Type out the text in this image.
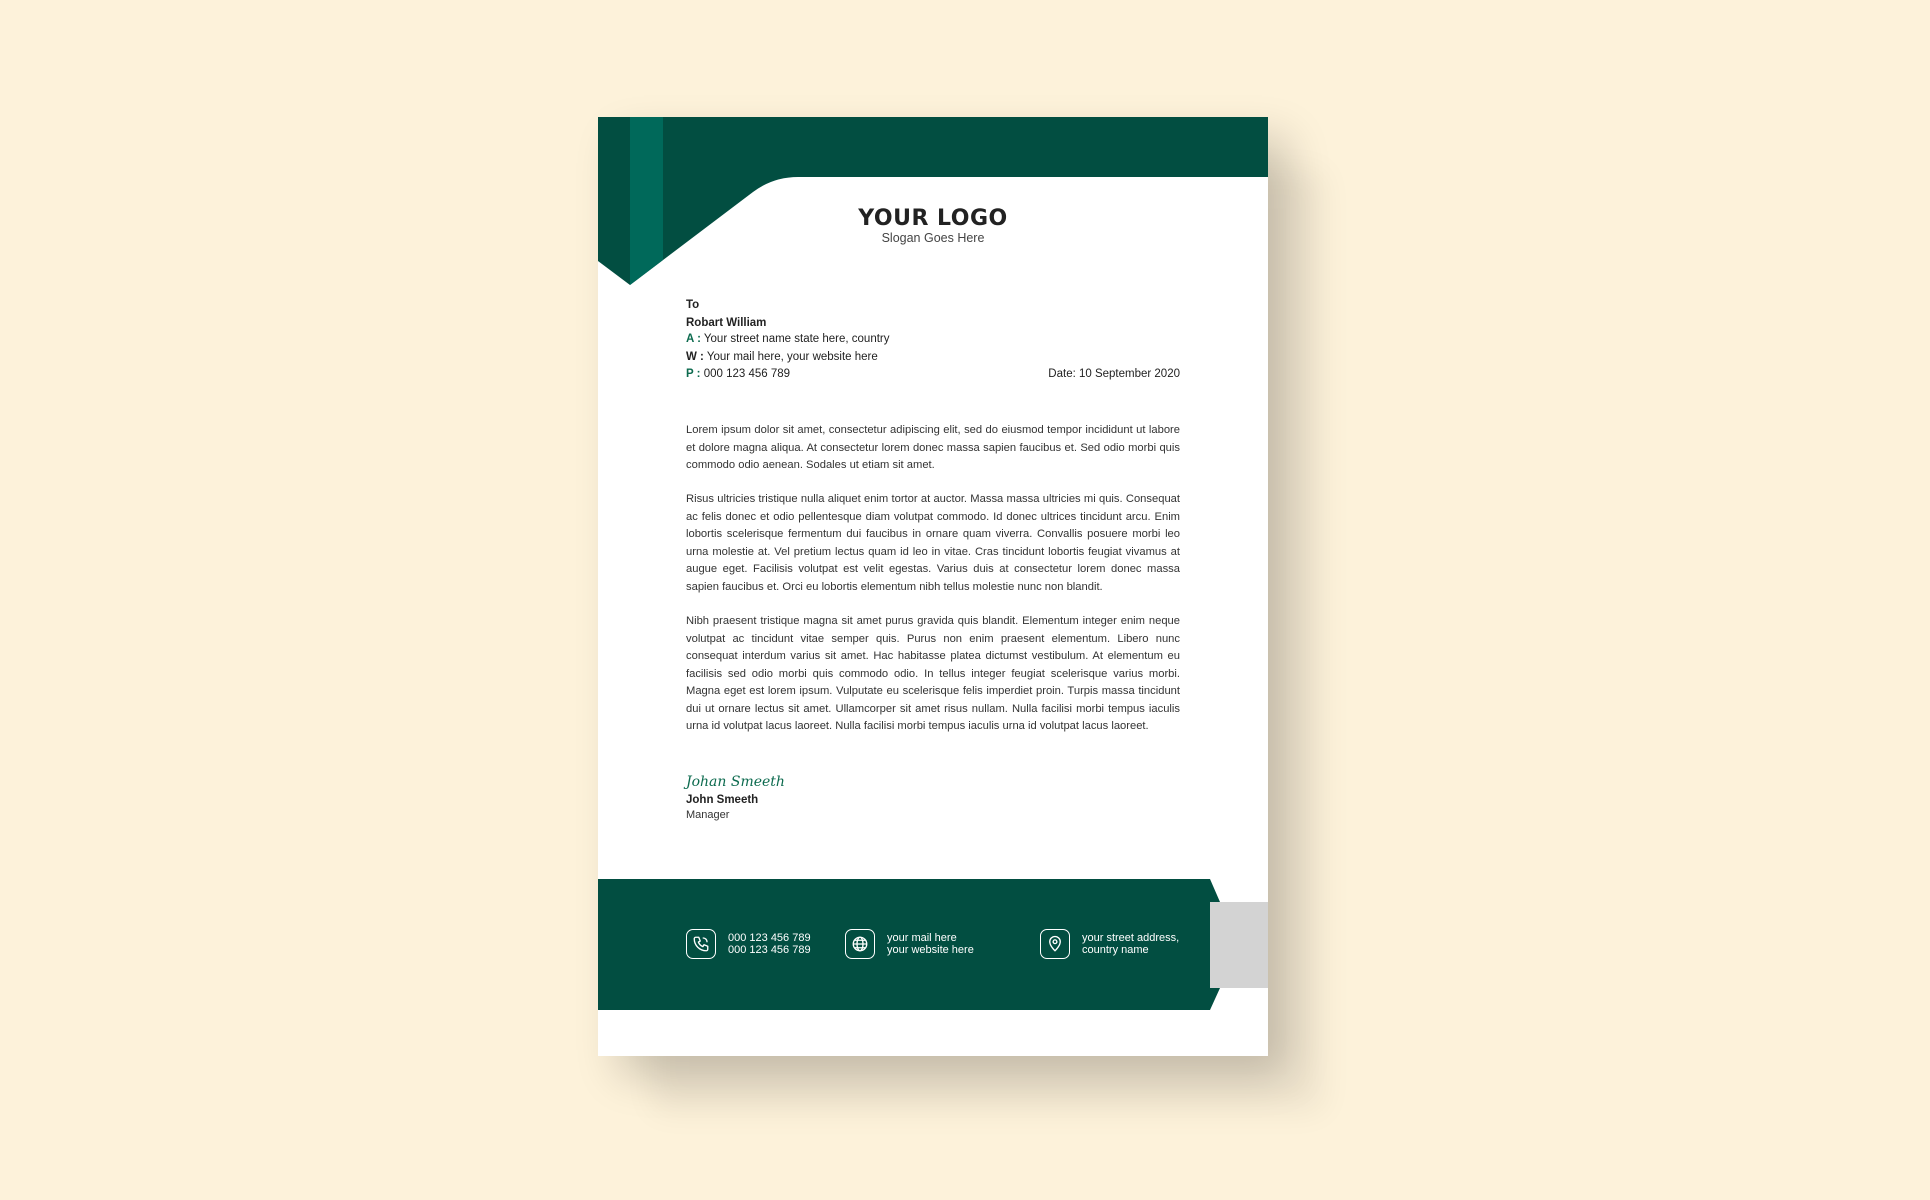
YOUR LOGO
Slogan Goes Here
To
Robart William
A : Your street name state here, country
W : Your mail here, your website here
P : 000 123 456 789	Date: 10 September 2020
Lorem ipsum dolor sit amet, consectetur adipiscing elit, sed do eiusmod tempor incididunt ut labore et dolore magna aliqua. At consectetur lorem donec massa sapien faucibus et. Sed odio morbi quis commodo odio aenean. Sodales ut etiam sit amet.
Risus ultricies tristique nulla aliquet enim tortor at auctor. Massa massa ultricies mi quis. Consequat ac felis donec et odio pellentesque diam volutpat commodo. Id donec ultrices tincidunt arcu. Enim lobortis scelerisque fermentum dui faucibus in ornare quam viverra. Convallis posuere morbi leo urna molestie at. Vel pretium lectus quam id leo in vitae. Cras tincidunt lobortis feugiat vivamus at augue eget. Facilisis volutpat est velit egestas. Varius duis at consectetur lorem donec massa sapien faucibus et. Orci eu lobortis elementum nibh tellus molestie nunc non blandit.
Nibh praesent tristique magna sit amet purus gravida quis blandit. Elementum integer enim neque volutpat ac tincidunt vitae semper quis. Purus non enim praesent elementum. Libero nunc consequat interdum varius sit amet. Hac habitasse platea dictumst vestibulum. At elementum eu facilisis sed odio morbi quis commodo odio. In tellus integer feugiat scelerisque varius morbi. Magna eget est lorem ipsum. Vulputate eu scelerisque felis imperdiet proin. Turpis massa tincidunt dui ut ornare lectus sit amet. Ullamcorper sit amet risus nullam. Nulla facilisi morbi tempus iaculis urna id volutpat lacus laoreet. Nulla facilisi morbi tempus iaculis urna id volutpat lacus laoreet.
Johan Smeeth
John Smeeth
Manager
000 123 456 789
000 123 456 789
your mail here
your website here
your street address,
country name
